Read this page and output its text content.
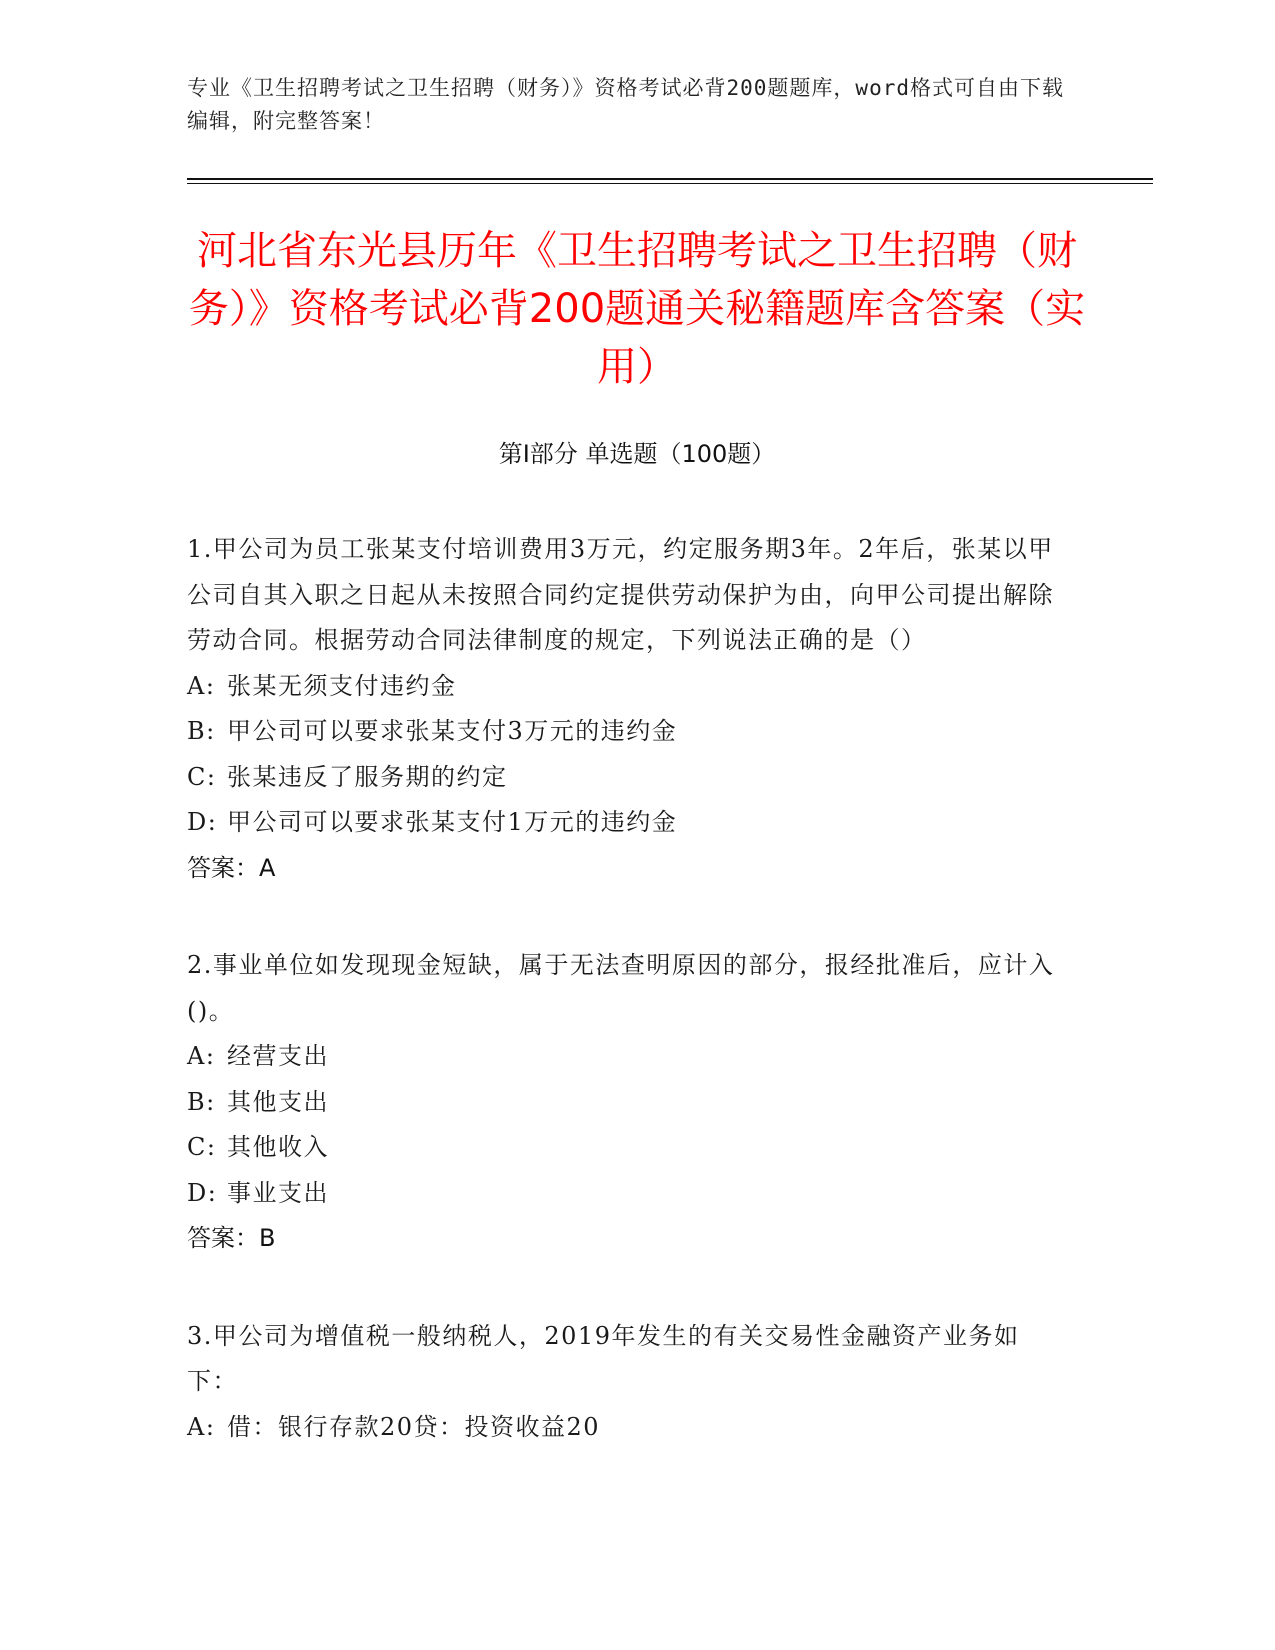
专业《卫生招聘考试之卫生招聘（财务）》资格考试必背200题题库，word格式可自由下载编辑，附完整答案！
河北省东光县历年《卫生招聘考试之卫生招聘（财务）》资格考试必背200题通关秘籍题库含答案（实用）
第Ⅰ部分 单选题（100题）

1.甲公司为员工张某支付培训费用3万元，约定服务期3年。2年后，张某以甲公司自其入职之日起从未按照合同约定提供劳动保护为由，向甲公司提出解除劳动合同。根据劳动合同法律制度的规定，下列说法正确的是（）

A: 张某无须支付违约金

B: 甲公司可以要求张某支付3万元的违约金

C: 张某违反了服务期的约定

D: 甲公司可以要求张某支付1万元的违约金

答案：A

2.事业单位如发现现金短缺，属于无法查明原因的部分，报经批准后，应计入()。

A: 经营支出

B: 其他支出

C: 其他收入

D: 事业支出

答案：B

3.甲公司为增值税一般纳税人，2019年发生的有关交易性金融资产业务如下：

A: 借：银行存款20贷：投资收益20
